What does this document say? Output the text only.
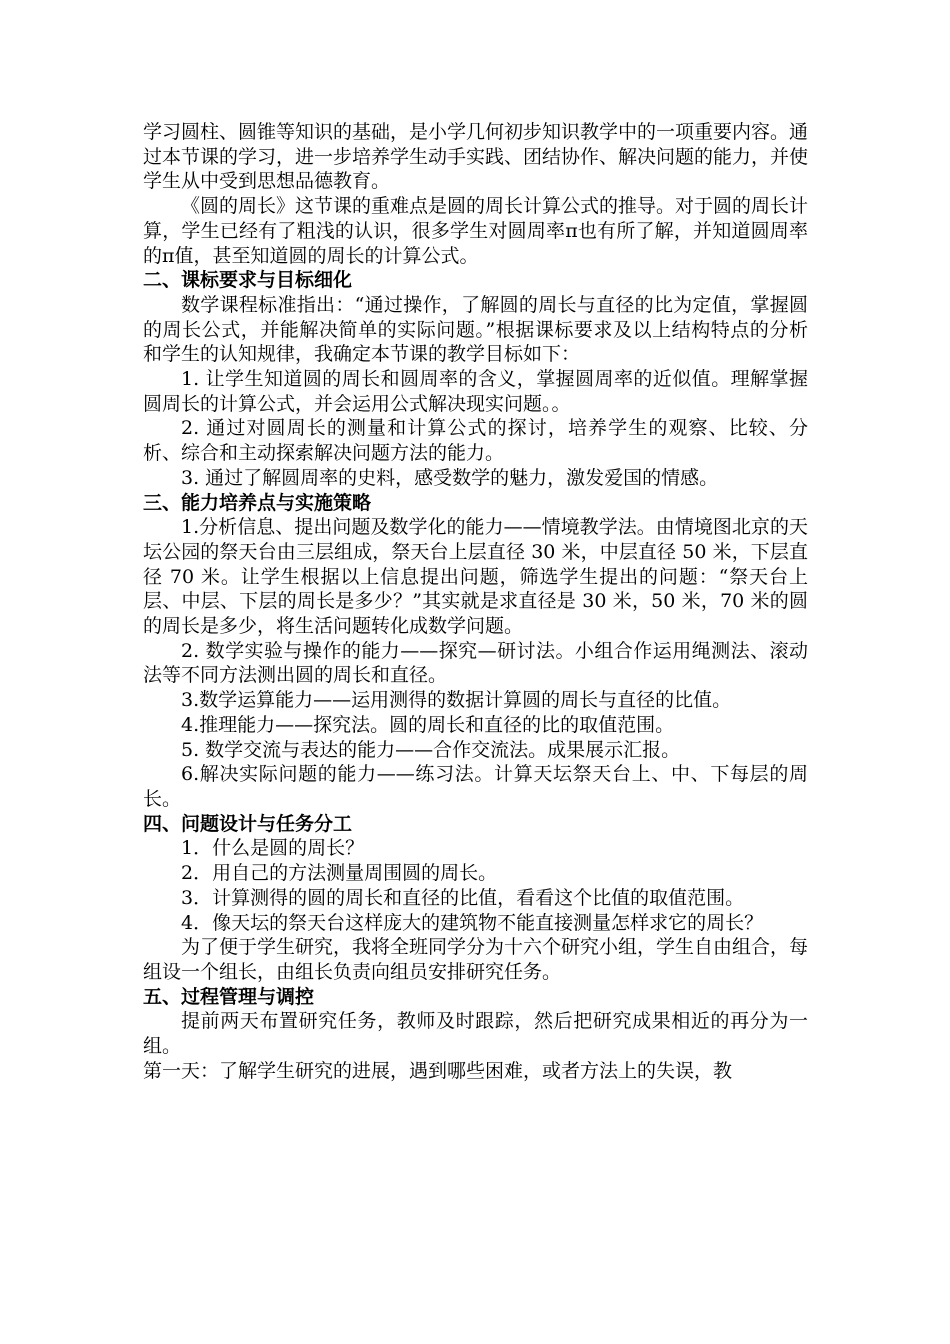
学习圆柱、圆锥等知识的基础，是小学几何初步知识教学中的一项重要内容。通过本节课的学习，进一步培养学生动手实践、团结协作、解决问题的能力，并使学生从中受到思想品德教育。

《圆的周长》这节课的重难点是圆的周长计算公式的推导。对于圆的周长计算，学生已经有了粗浅的认识，很多学生对圆周率π也有所了解，并知道圆周率的π值，甚至知道圆的周长的计算公式。

二、课标要求与目标细化

数学课程标准指出：“通过操作，了解圆的周长与直径的比为定值，掌握圆的周长公式，并能解决简单的实际问题。”根据课标要求及以上结构特点的分析和学生的认知规律，我确定本节课的教学目标如下：

1. 让学生知道圆的周长和圆周率的含义，掌握圆周率的近似值。理解掌握圆周长的计算公式，并会运用公式解决现实问题。。

2. 通过对圆周长的测量和计算公式的探讨，培养学生的观察、比较、分析、综合和主动探索解决问题方法的能力。

3. 通过了解圆周率的史料，感受数学的魅力，激发爱国的情感。

三、能力培养点与实施策略

1.分析信息、提出问题及数学化的能力——情境教学法。由情境图北京的天坛公园的祭天台由三层组成，祭天台上层直径 30 米，中层直径 50 米，下层直径 70 米。让学生根据以上信息提出问题，筛选学生提出的问题：“祭天台上层、中层、下层的周长是多少？”其实就是求直径是 30 米，50 米，70 米的圆的周长是多少，将生活问题转化成数学问题。

2. 数学实验与操作的能力——探究—研讨法。小组合作运用绳测法、滚动法等不同方法测出圆的周长和直径。

3.数学运算能力——运用测得的数据计算圆的周长与直径的比值。

4.推理能力——探究法。圆的周长和直径的比的取值范围。

5. 数学交流与表达的能力——合作交流法。成果展示汇报。

6.解决实际问题的能力——练习法。计算天坛祭天台上、中、下每层的周长。

四、问题设计与任务分工

1．什么是圆的周长？

2．用自己的方法测量周围圆的周长。

3．计算测得的圆的周长和直径的比值，看看这个比值的取值范围。

4．像天坛的祭天台这样庞大的建筑物不能直接测量怎样求它的周长？

为了便于学生研究，我将全班同学分为十六个研究小组，学生自由组合，每组设一个组长，由组长负责向组员安排研究任务。

五、过程管理与调控

提前两天布置研究任务，教师及时跟踪，然后把研究成果相近的再分为一组。

第一天：了解学生研究的进展，遇到哪些困难，或者方法上的失误，教
